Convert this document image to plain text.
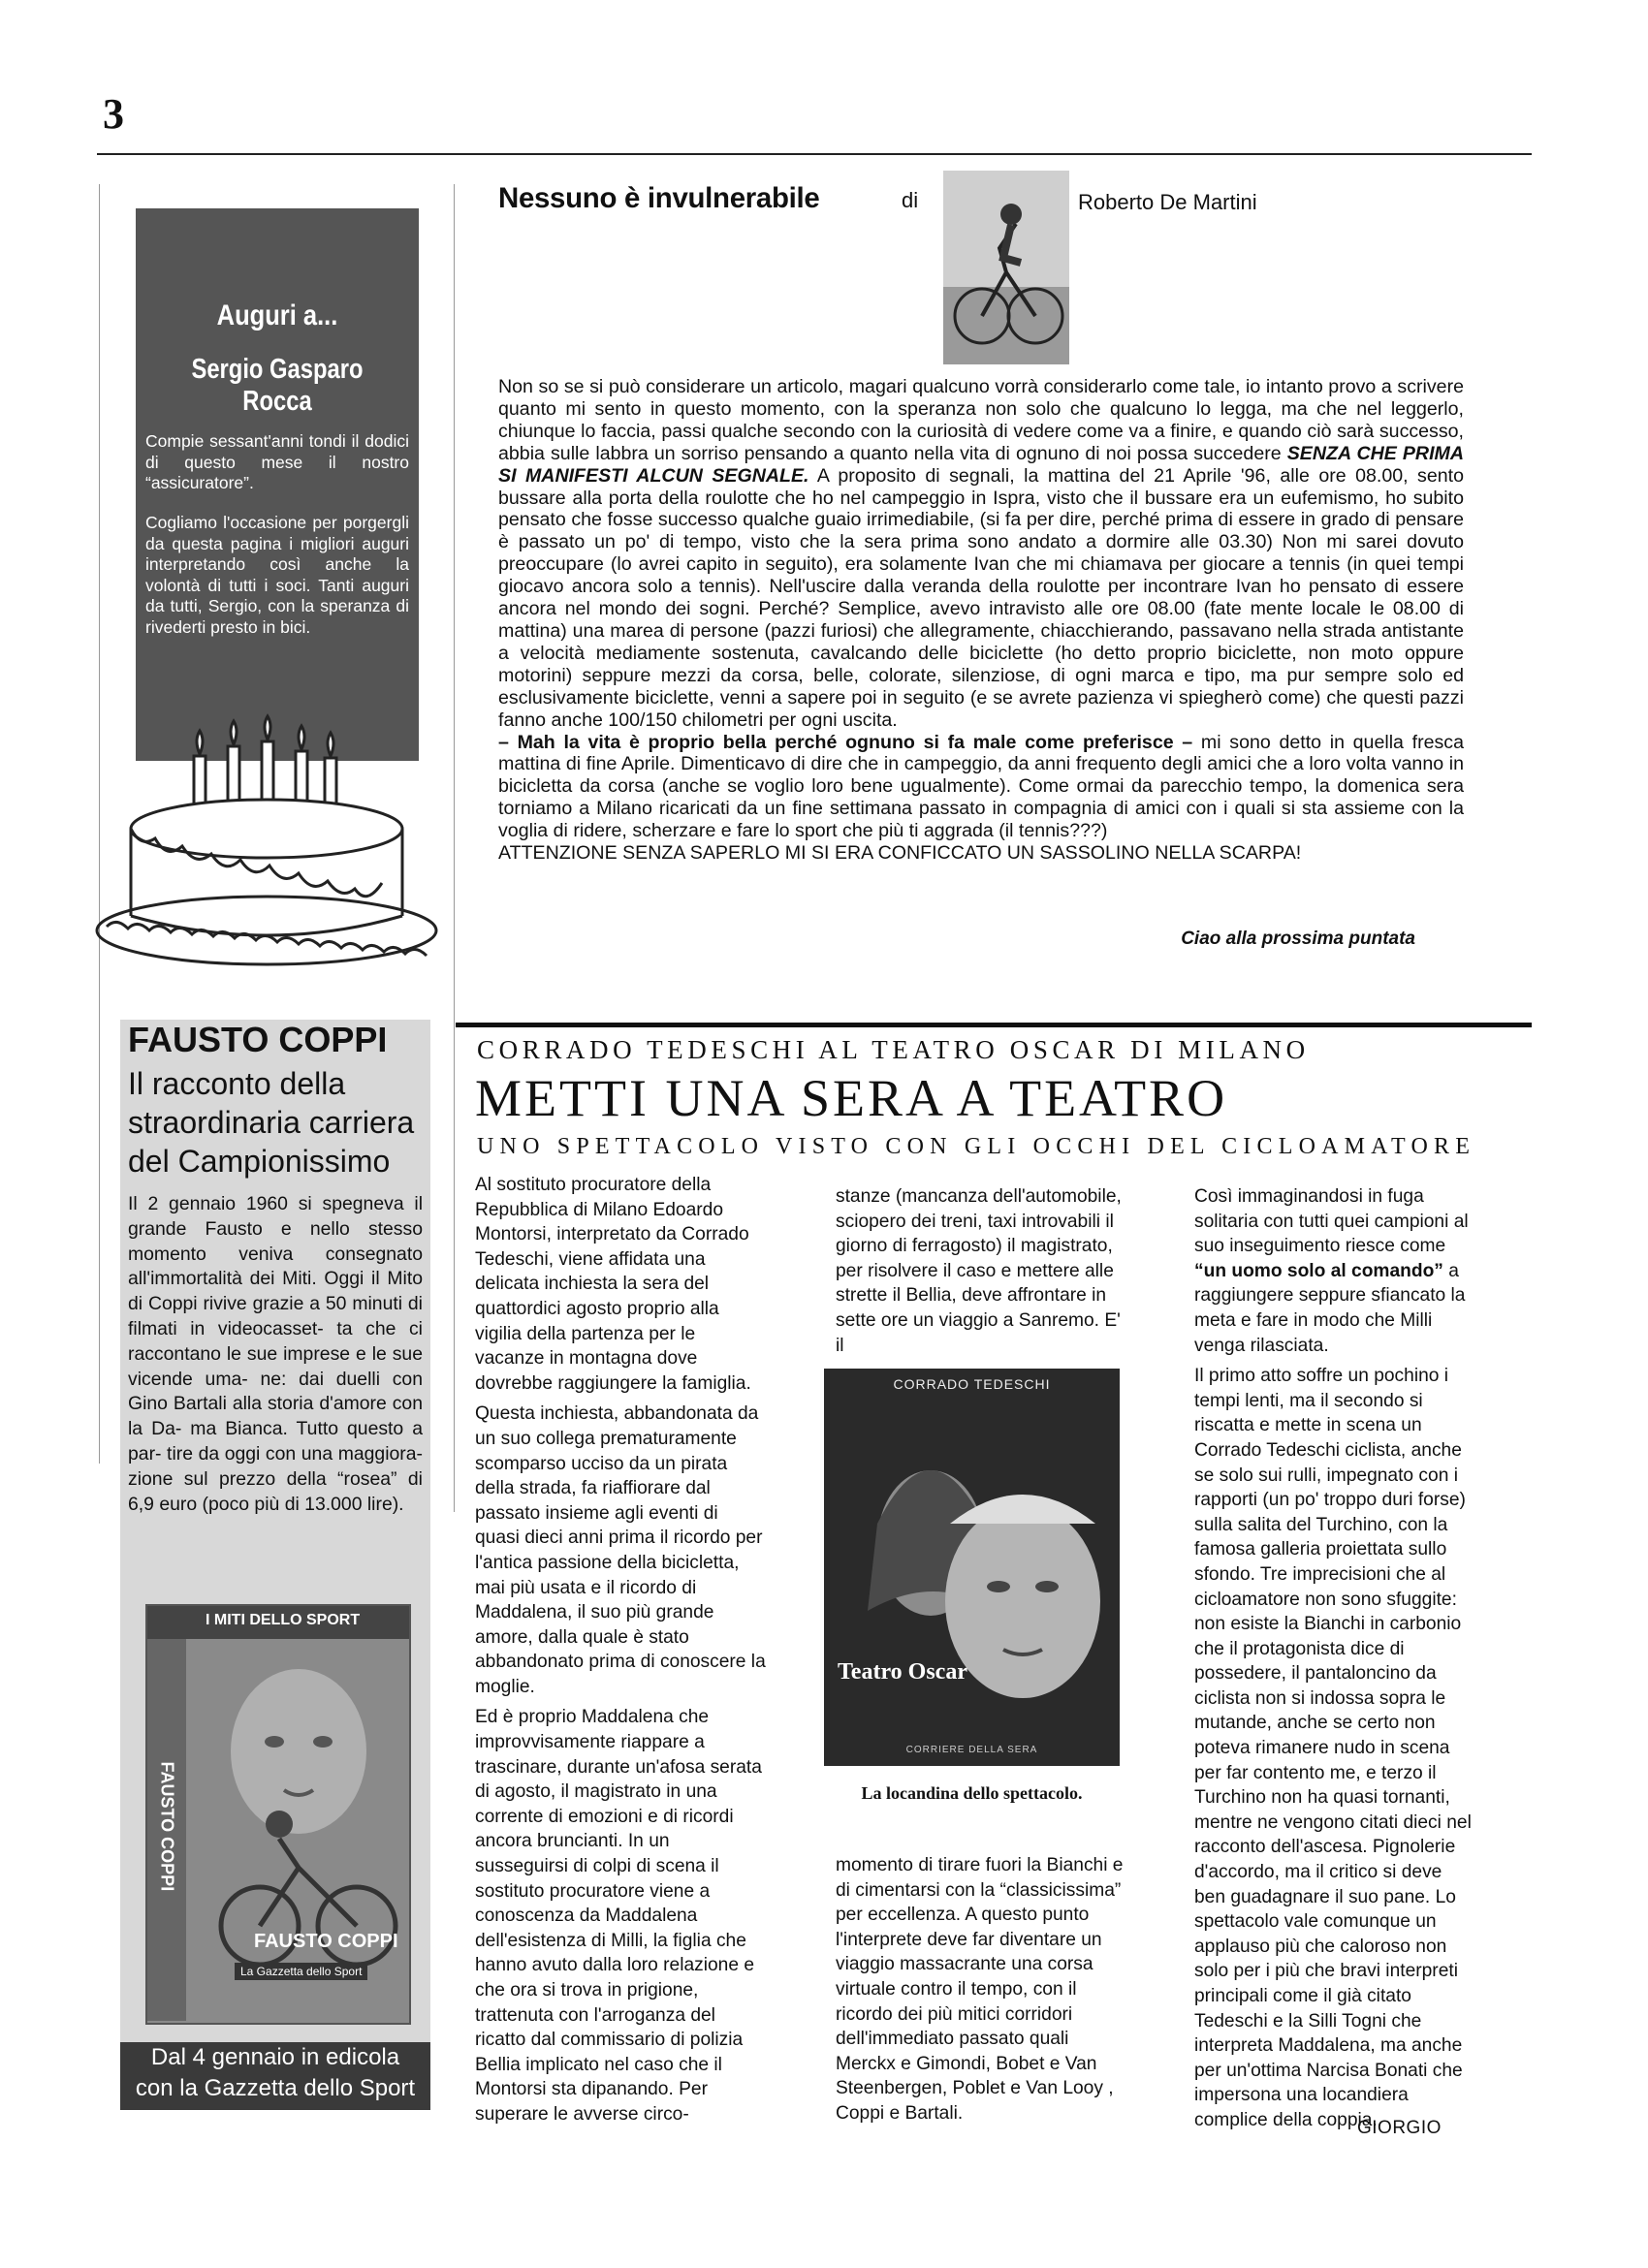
3
Auguri a...
Sergio Gasparo Rocca

Compie sessant'anni tondi il dodici di questo mese il nostro “assicuratore”.

Cogliamo l'occasione per porgergli da questa pagina i migliori auguri interpretando così anche la volontà di tutti i soci. Tanti auguri da tutti, Sergio, con la speranza di rivederti presto in bici.

FAUSTO COPPI
Il racconto della straordinaria carriera del Campionissimo
Il 2 gennaio 1960 si spegneva il grande Fausto e nello stesso momento veniva consegnato all'immortalità dei Miti. Oggi il Mito di Coppi rivive grazie a 50 minuti di filmati in videocasset- ta che ci raccontano le sue imprese e le sue vicende uma- ne: dai duelli con Gino Bartali alla storia d'amore con la Da- ma Bianca. Tutto questo a par- tire da oggi con una maggiora- zione sul prezzo della “rosea” di 6,9 euro (poco più di 13.000 lire).
Dal 4 gennaio in edicola
con la Gazzetta dello Sport
I MITI DELLO SPORT
FAUSTO COPPI
FAUSTO COPPI
La Gazzetta dello Sport
Nessuno è invulnerabile	di	Roberto De Martini

Non so se si può considerare un articolo, magari qualcuno vorrà considerarlo come tale, io intanto provo a scrivere quanto mi sento in questo momento, con la speranza non solo che qualcuno lo legga, ma che nel leggerlo, chiunque lo faccia, passi qualche secondo con la curiosità di vedere come va a finire, e quando ciò sarà successo, abbia sulle labbra un sorriso pensando a quanto nella vita di ognuno di noi possa succedere SENZA CHE PRIMA SI MANIFESTI ALCUN SEGNALE. A proposito di segnali, la mattina del 21 Aprile '96, alle ore 08.00, sento bussare alla porta della roulotte che ho nel campeggio in Ispra, visto che il bussare era un eufemismo, ho subito pensato che fosse successo qualche guaio irrimediabile, (si fa per dire, perché prima di essere in grado di pensare è passato un po' di tempo, visto che la sera prima sono andato a dormire alle 03.30) Non mi sarei dovuto preoccupare (lo avrei capito in seguito), era solamente Ivan che mi chiamava per giocare a tennis (in quei tempi giocavo ancora solo a tennis). Nell'uscire dalla veranda della roulotte per incontrare Ivan ho pensato di essere ancora nel mondo dei sogni. Perché? Semplice, avevo intravisto alle ore 08.00 (fate mente locale le 08.00 di mattina) una marea di persone (pazzi furiosi) che allegramente, chiacchierando, passavano nella strada antistante a velocità mediamente sostenuta, cavalcando delle biciclette (ho detto proprio biciclette, non moto oppure motorini) seppure mezzi da corsa, belle, colorate, silenziose, di ogni marca e tipo, ma pur sempre solo ed esclusivamente biciclette, venni a sapere poi in seguito (e se avrete pazienza vi spiegherò come) che questi pazzi fanno anche 100/150 chilometri per ogni uscita.

– Mah la vita è proprio bella perché ognuno si fa male come preferisce – mi sono detto in quella fresca mattina di fine Aprile. Dimenticavo di dire che in campeggio, da anni frequento degli amici che a loro volta vanno in bicicletta da corsa (anche se voglio loro bene ugualmente). Come ormai da parecchio tempo, la domenica sera torniamo a Milano ricaricati da un fine settimana passato in compagnia di amici con i quali si sta assieme con la voglia di ridere, scherzare e fare lo sport che più ti aggrada (il tennis???)

ATTENZIONE SENZA SAPERLO MI SI ERA CONFICCATO UN SASSOLINO NELLA SCARPA!

Ciao alla prossima puntata
CORRADO TEDESCHI AL TEATRO OSCAR DI MILANO
METTI UNA SERA A TEATRO
UNO SPETTACOLO VISTO CON GLI OCCHI DEL CICLOAMATORE

Al sostituto procuratore della Repubblica di Milano Edoardo Montorsi, interpretato da Corrado Tedeschi, viene affidata una delicata inchiesta la sera del quattordici agosto proprio alla vigilia della partenza per le vacanze in montagna dove dovrebbe raggiungere la famiglia.

Questa inchiesta, abbandonata da un suo collega prematuramente scomparso ucciso da un pirata della strada, fa riaffiorare dal passato insieme agli eventi di quasi dieci anni prima il ricordo per l'antica passione della bicicletta, mai più usata e il ricordo di Maddalena, il suo più grande amore, dalla quale è stato abbandonato prima di conoscere la moglie.

Ed è proprio Maddalena che improvvisamente riappare a trascinare, durante un'afosa serata di agosto, il magistrato in una corrente di emozioni e di ricordi ancora bruncianti. In un susseguirsi di colpi di scena il sostituto procuratore viene a conoscenza da Maddalena dell'esistenza di Milli, la figlia che hanno avuto dalla loro relazione e che ora si trova in prigione, trattenuta con l'arroganza del ricatto dal commissario di polizia Bellia implicato nel caso che il Montorsi sta dipanando. Per superare le avverse circo-

stanze (mancanza dell'automobile, sciopero dei treni, taxi introvabili il giorno di ferragosto) il magistrato, per risolvere il caso e mettere alle strette il Bellia, deve affrontare in sette ore un viaggio a Sanremo. E' il

CORRADO TEDESCHI
Teatro Oscar
CORRIERE DELLA SERA
La locandina dello spettacolo.

momento di tirare fuori la Bianchi e di cimentarsi con la “classicissima” per eccellenza. A questo punto l'interprete deve far diventare un viaggio massacrante una corsa virtuale contro il tempo, con il ricordo dei più mitici corridori dell'immediato passato quali Merckx e Gimondi, Bobet e Van Steenbergen, Poblet e Van Looy , Coppi e Bartali.

Così immaginandosi in fuga solitaria con tutti quei campioni al suo inseguimento riesce come “un uomo solo al comando” a raggiungere seppure sfiancato la meta e fare in modo che Milli venga rilasciata.

Il primo atto soffre un pochino i tempi lenti, ma il secondo si riscatta e mette in scena un Corrado Tedeschi ciclista, anche se solo sui rulli, impegnato con i rapporti (un po' troppo duri forse) sulla salita del Turchino, con la famosa galleria proiettata sullo sfondo. Tre imprecisioni che al cicloamatore non sono sfuggite: non esiste la Bianchi in carbonio che il protagonista dice di possedere, il pantaloncino da ciclista non si indossa sopra le mutande, anche se certo non poteva rimanere nudo in scena per far contento me, e terzo il Turchino non ha quasi tornanti, mentre ne vengono citati dieci nel racconto dell'ascesa. Pignolerie d'accordo, ma il critico si deve ben guadagnare il suo pane. Lo spettacolo vale comunque un applauso più che caloroso non solo per i più che bravi interpreti principali come il già citato Tedeschi e la Silli Togni che interpreta Maddalena, ma anche per un'ottima Narcisa Bonati che impersona una locandiera complice della coppia.

GIORGIO
